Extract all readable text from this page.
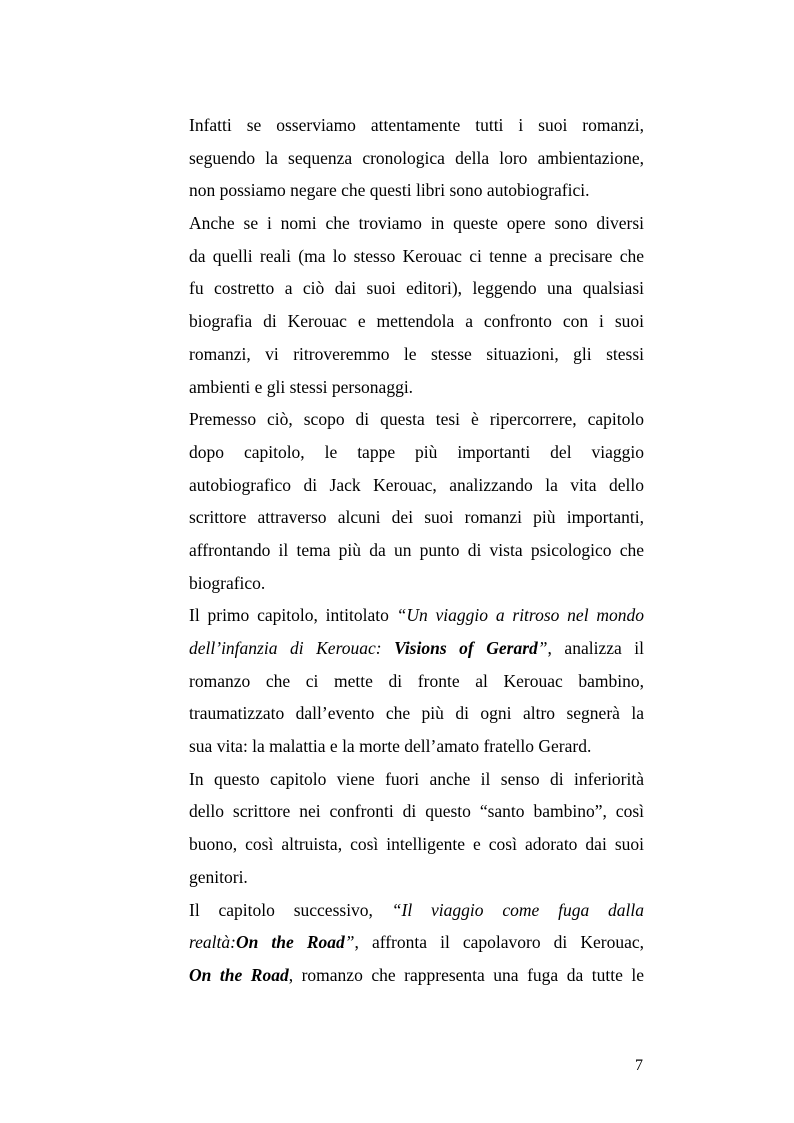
Infatti se osserviamo attentamente tutti i suoi romanzi,
seguendo la sequenza cronologica della loro ambientazione,
non possiamo negare che questi libri sono autobiografici.
Anche se i nomi che troviamo in queste opere sono diversi
da quelli reali (ma lo stesso Kerouac ci tenne a precisare che
fu costretto a ciò dai suoi editori), leggendo una qualsiasi
biografia di Kerouac e mettendola a confronto con i suoi
romanzi, vi ritroveremmo le stesse situazioni, gli stessi
ambienti e gli stessi personaggi.
Premesso ciò, scopo di questa tesi è ripercorrere, capitolo
dopo capitolo, le tappe più importanti del viaggio
autobiografico di Jack Kerouac, analizzando la vita dello
scrittore attraverso alcuni dei suoi romanzi più importanti,
affrontando il tema più da un punto di vista psicologico che
biografico.
Il primo capitolo, intitolato “Un viaggio a ritroso nel mondo
dell’infanzia di Kerouac: Visions of Gerard”, analizza il
romanzo che ci mette di fronte al Kerouac bambino,
traumatizzato dall’evento che più di ogni altro segnerà la
sua vita: la malattia e la morte dell’amato fratello Gerard.
In questo capitolo viene fuori anche il senso di inferiorità
dello scrittore nei confronti di questo “santo bambino”, così
buono, così altruista, così intelligente e così adorato dai suoi
genitori.
Il capitolo successivo, “Il viaggio come fuga dalla
realtà:On the Road”, affronta il capolavoro di Kerouac,
On the Road, romanzo che rappresenta una fuga da tutte le
7
